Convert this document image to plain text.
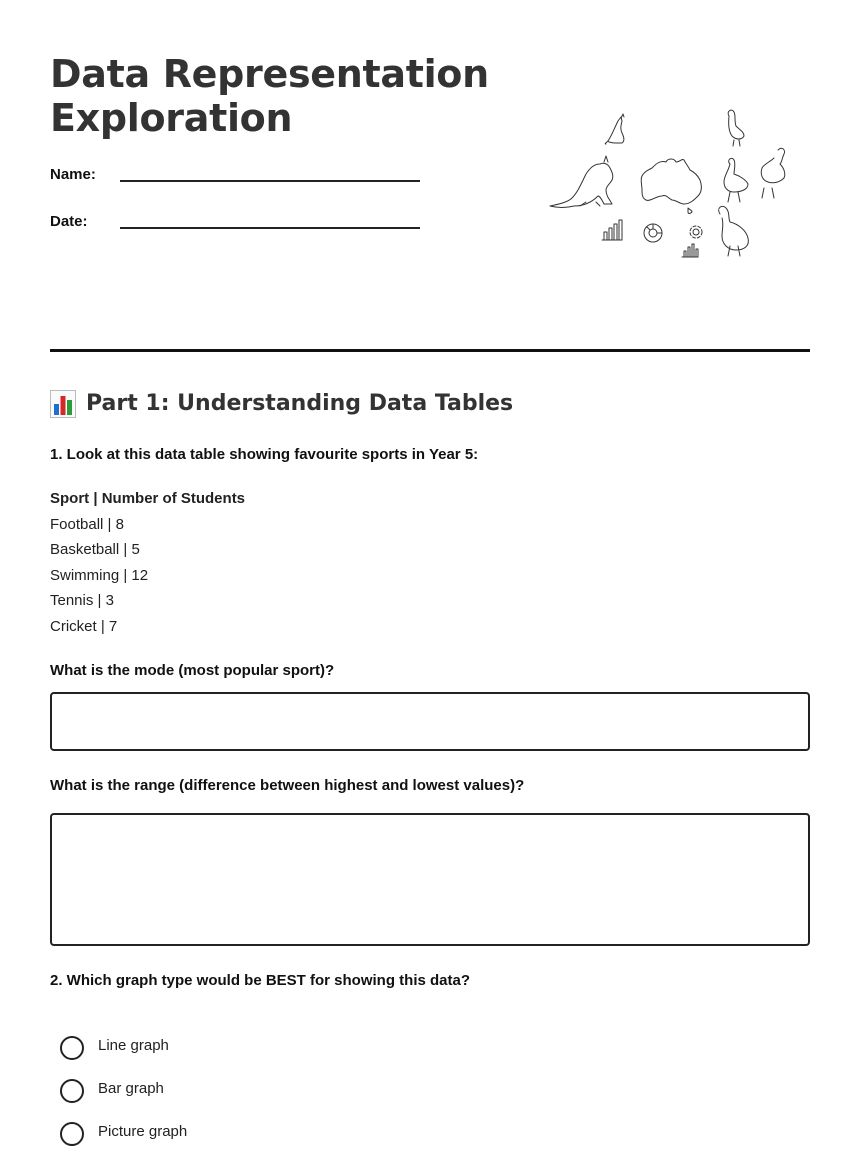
Data Representation
Exploration
Name:
Date:
Part 1: Understanding Data Tables

1. Look at this data table showing favourite sports in Year 5:

Sport | Number of Students
Football | 8
Basketball | 5
Swimming | 12
Tennis | 3
Cricket | 7

What is the mode (most popular sport)?

What is the range (difference between highest and lowest values)?

2. Which graph type would be BEST for showing this data?

Line graph
Bar graph
Picture graph
